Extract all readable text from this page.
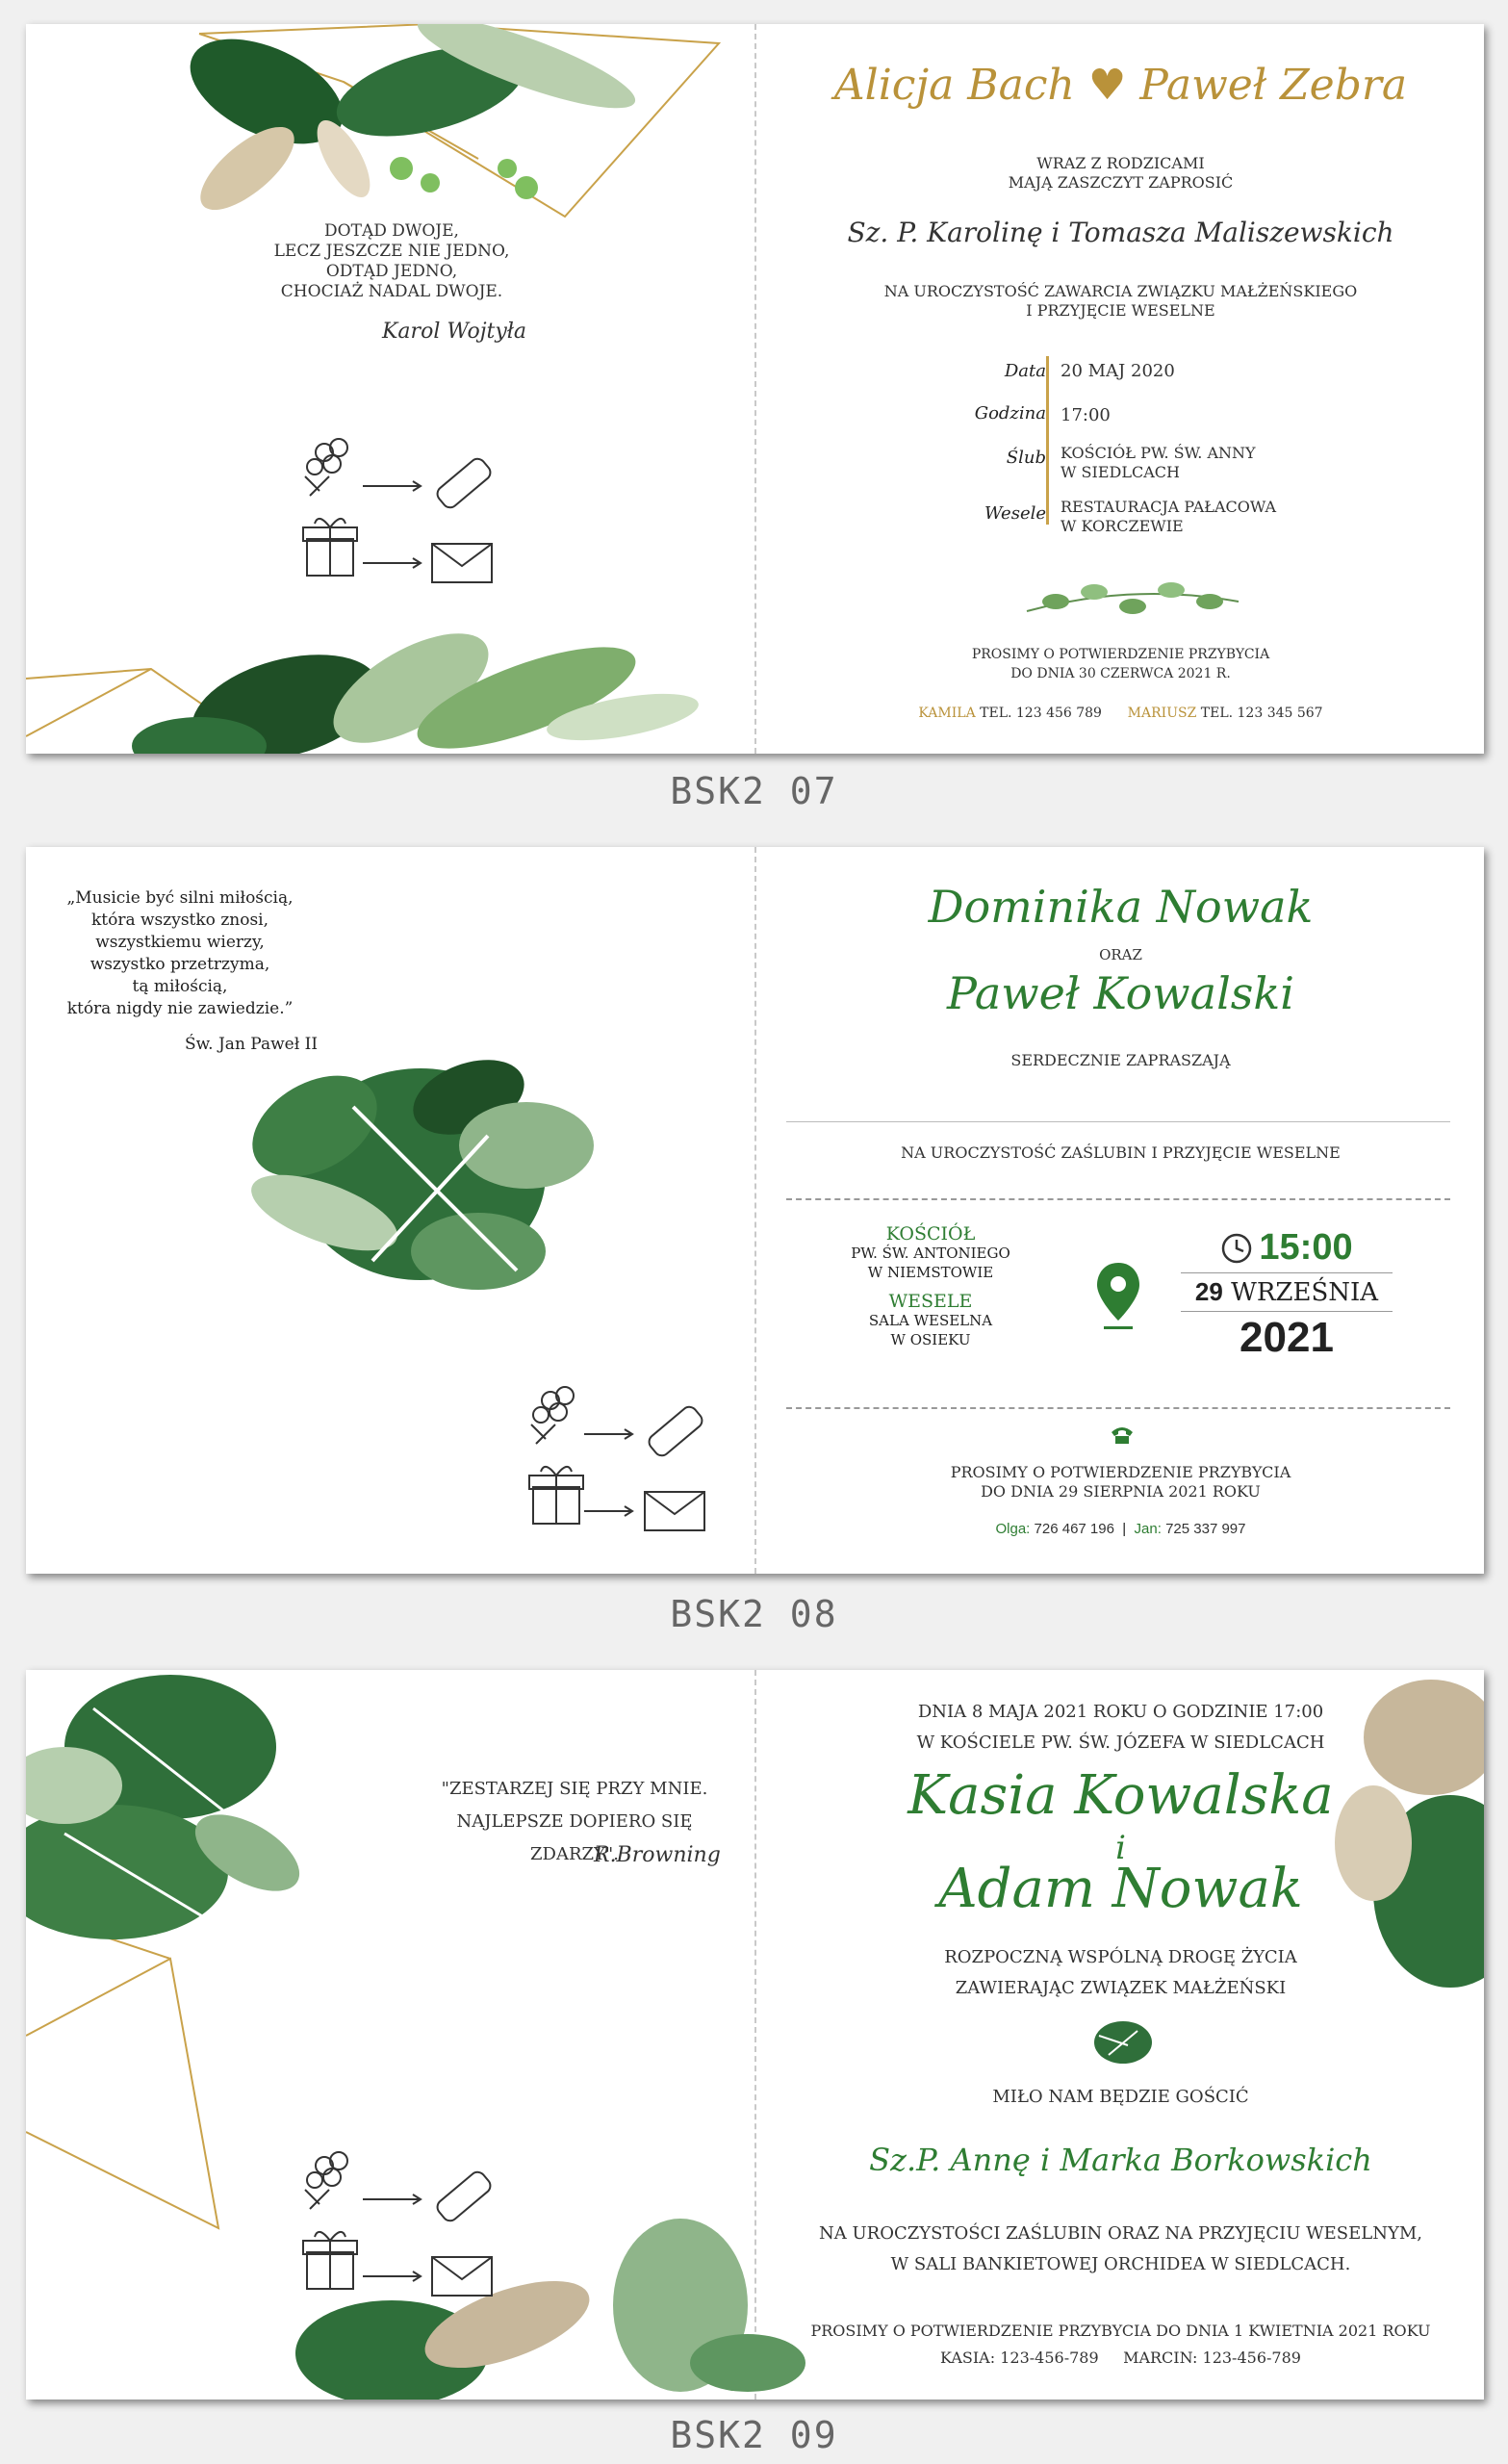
DOTĄD DWOJE,
LECZ JESZCZE NIE JEDNO,
ODTĄD JEDNO,
CHOCIAŻ NADAL DWOJE.
Karol Wojtyła
Alicja Bach ♥ Paweł Zebra
WRAZ Z RODZICAMI
MAJĄ ZASZCZYT ZAPROSIĆ
Sz. P. Karolinę i Tomasza Maliszewskich
NA UROCZYSTOŚĆ ZAWARCIA ZWIĄZKU MAŁŻEŃSKIEGO
I PRZYJĘCIE WESELNE
Data
Godzina
Ślub
Wesele
20 MAJ 2020
17:00
KOŚCIÓŁ PW. ŚW. ANNY
W SIEDLCACH
RESTAURACJA PAŁACOWA
W KORCZEWIE
PROSIMY O POTWIERDZENIE PRZYBYCIA
DO DNIA 30 CZERWCA 2021 R.
KAMILA TEL. 123 456 789 MARIUSZ TEL. 123 345 567
BSK2 07
„Musicie być silni miłością,
która wszystko znosi,
wszystkiemu wierzy,
wszystko przetrzyma,
tą miłością,
która nigdy nie zawiedzie.”
Św. Jan Paweł II
Dominika Nowak
ORAZ
Paweł Kowalski
SERDECZNIE ZAPRASZAJĄ
NA UROCZYSTOŚĆ ZAŚLUBIN I PRZYJĘCIE WESELNE
KOŚCIÓŁ
PW. ŚW. ANTONIEGO
W NIEMSTOWIE
WESELE
SALA WESELNA
W OSIEKU
15:00
29 WRZEŚNIA
2021
PROSIMY O POTWIERDZENIE PRZYBYCIA
DO DNIA 29 SIERPNIA 2021 ROKU
Olga: 726 467 196 | Jan: 725 337 997
BSK2 08
"ZESTARZEJ SIĘ PRZY MNIE.
NAJLEPSZE DOPIERO SIĘ ZDARZY".
R.Browning
DNIA 8 MAJA 2021 ROKU O GODZINIE 17:00
W KOŚCIELE PW. ŚW. JÓZEFA W SIEDLCACH
Kasia Kowalska
i
Adam Nowak
ROZPOCZNĄ WSPÓLNĄ DROGĘ ŻYCIA
ZAWIERAJĄC ZWIĄZEK MAŁŻEŃSKI
MIŁO NAM BĘDZIE GOŚCIĆ
Sz.P. Annę i Marka Borkowskich
NA UROCZYSTOŚCI ZAŚLUBIN ORAZ NA PRZYJĘCIU WESELNYM,
W SALI BANKIETOWEJ ORCHIDEA W SIEDLCACH.
PROSIMY O POTWIERDZENIE PRZYBYCIA DO DNIA 1 KWIETNIA 2021 ROKU
KASIA: 123-456-789     MARCIN: 123-456-789
BSK2 09
